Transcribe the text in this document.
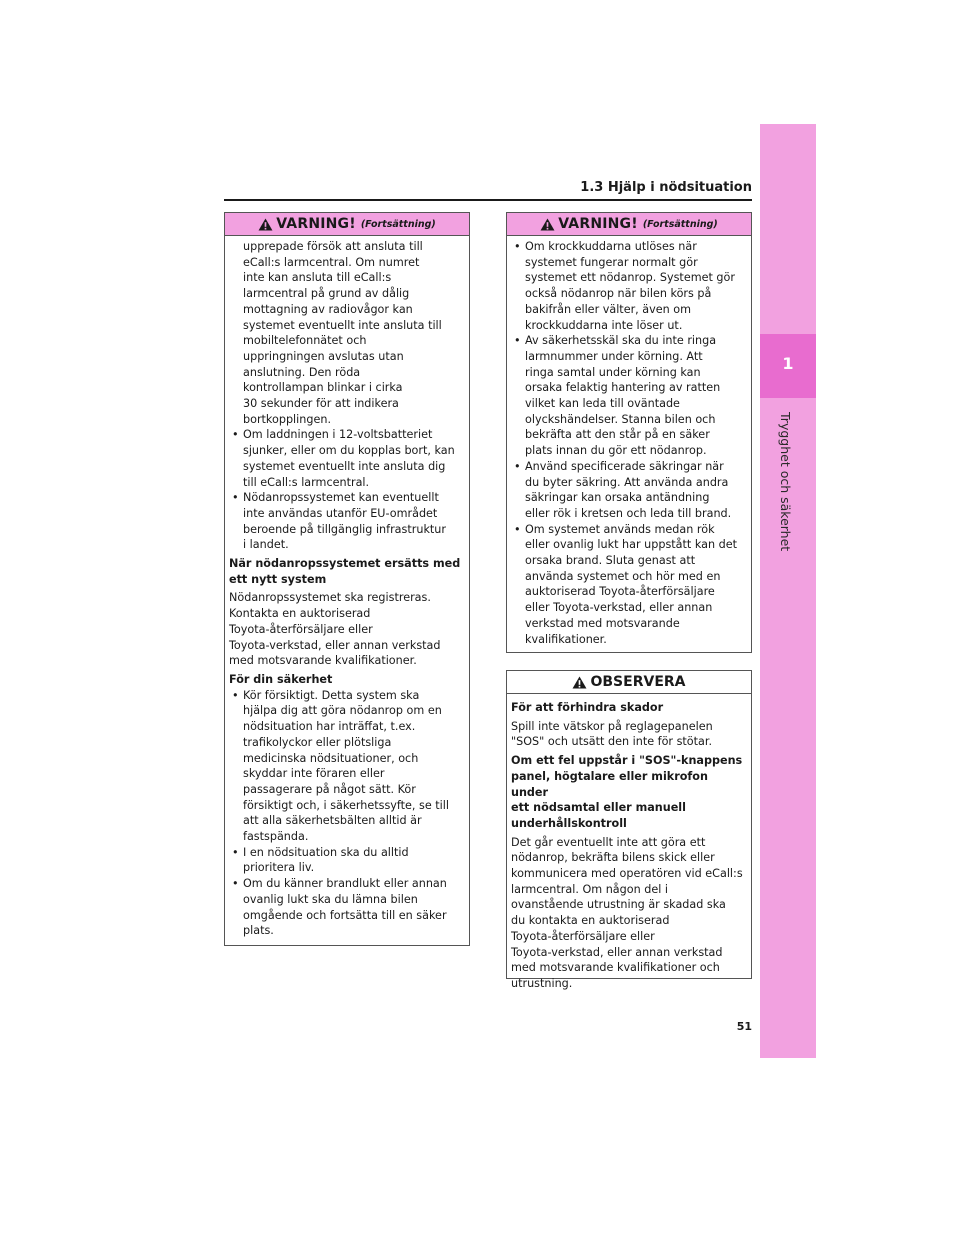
1.3 Hjälp i nödsituation
1
Trygghet och säkerhet
VARNING! (Fortsättning)
upprepade försök att ansluta till
eCall:s larmcentral. Om numret
inte kan ansluta till eCall:s
larmcentral på grund av dålig
mottagning av radiovågor kan
systemet eventuellt inte ansluta till
mobiltelefonnätet och
uppringningen avslutas utan
anslutning. Den röda
kontrollampan blinkar i cirka
30 sekunder för att indikera
bortkopplingen.
• Om laddningen i 12-voltsbatteriet
sjunker, eller om du kopplas bort, kan
systemet eventuellt inte ansluta dig
till eCall:s larmcentral.
• Nödanropssystemet kan eventuellt
inte användas utanför EU-området
beroende på tillgänglig infrastruktur
i landet.
När nödanropssystemet ersätts med
ett nytt system
Nödanropssystemet ska registreras.
Kontakta en auktoriserad
Toyota-återförsäljare eller
Toyota-verkstad, eller annan verkstad
med motsvarande kvalifikationer.
För din säkerhet
• Kör försiktigt. Detta system ska
hjälpa dig att göra nödanrop om en
nödsituation har inträffat, t.ex.
trafikolyckor eller plötsliga
medicinska nödsituationer, och
skyddar inte föraren eller
passagerare på något sätt. Kör
försiktigt och, i säkerhetssyfte, se till
att alla säkerhetsbälten alltid är
fastspända.
• I en nödsituation ska du alltid
prioritera liv.
• Om du känner brandlukt eller annan
ovanlig lukt ska du lämna bilen
omgående och fortsätta till en säker
plats.
VARNING! (Fortsättning)
• Om krockkuddarna utlöses när
systemet fungerar normalt gör
systemet ett nödanrop. Systemet gör
också nödanrop när bilen körs på
bakifrån eller välter, även om
krockkuddarna inte löser ut.
• Av säkerhetsskäl ska du inte ringa
larmnummer under körning. Att
ringa samtal under körning kan
orsaka felaktig hantering av ratten
vilket kan leda till oväntade
olyckshändelser. Stanna bilen och
bekräfta att den står på en säker
plats innan du gör ett nödanrop.
• Använd specificerade säkringar när
du byter säkring. Att använda andra
säkringar kan orsaka antändning
eller rök i kretsen och leda till brand.
• Om systemet används medan rök
eller ovanlig lukt har uppstått kan det
orsaka brand. Sluta genast att
använda systemet och hör med en
auktoriserad Toyota-återförsäljare
eller Toyota-verkstad, eller annan
verkstad med motsvarande
kvalifikationer.
OBSERVERA
För att förhindra skador
Spill inte vätskor på reglagepanelen
"SOS" och utsätt den inte för stötar.
Om ett fel uppstår i "SOS"-knappens
panel, högtalare eller mikrofon under
ett nödsamtal eller manuell
underhållskontroll
Det går eventuellt inte att göra ett
nödanrop, bekräfta bilens skick eller
kommunicera med operatören vid eCall:s
larmcentral. Om någon del i
ovanstående utrustning är skadad ska
du kontakta en auktoriserad
Toyota-återförsäljare eller
Toyota-verkstad, eller annan verkstad
med motsvarande kvalifikationer och
utrustning.
51
